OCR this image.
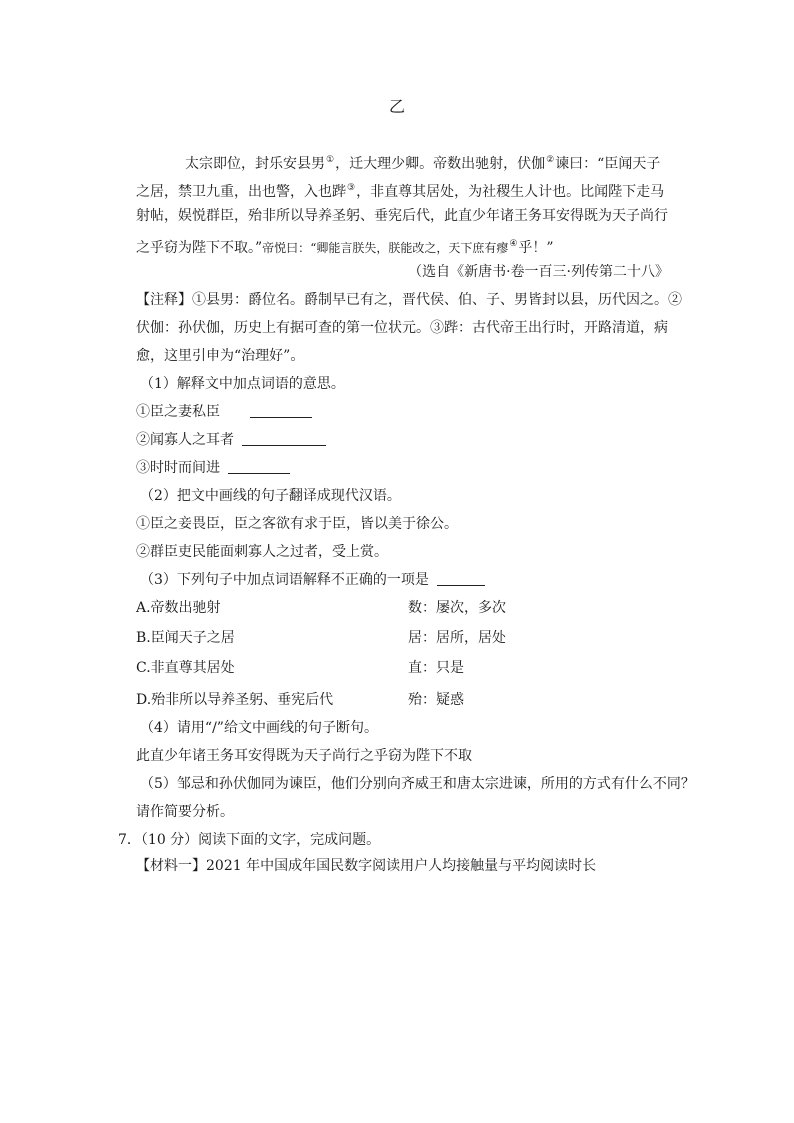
乙
太宗即位，封乐安县男①，迁大理少卿。帝数出驰射，伏伽②谏曰：“臣闻天子
之居，禁卫九重，出也警，入也跸③，非直尊其居处，为社稷生人计也。比闻陛下走马
射帖，娱悦群臣，殆非所以导养圣躬、垂宪后代，此直少年诸王务耳安得既为天子尚行
之乎窃为陛下不取。”帝悦曰：“卿能言朕失，朕能改之，天下庶有瘳④乎！”
（选自《新唐书·卷一百三·列传第二十八》
【注释】①县男：爵位名。爵制早已有之，晋代侯、伯、子、男皆封以县，历代因之。②
伏伽：孙伏伽，历史上有据可查的第一位状元。③跸：古代帝王出行时，开路清道，病
愈，这里引申为“治理好”。
（1）解释文中加点词语的意思。
①臣之妻私臣
②闻寡人之耳者
③时时而间进
（2）把文中画线的句子翻译成现代汉语。
①臣之妾畏臣，臣之客欲有求于臣，皆以美于徐公。
②群臣吏民能面刺寡人之过者，受上赏。
（3）下列句子中加点词语解释不正确的一项是
A.帝数出驰射	数：屡次，多次
B.臣闻天子之居	居：居所，居处
C.非直尊其居处	直：只是
D.殆非所以导养圣躬、垂宪后代	殆：疑惑
（4）请用“/”给文中画线的句子断句。
此直少年诸王务耳安得既为天子尚行之乎窃为陛下不取
（5）邹忌和孙伏伽同为谏臣，他们分别向齐威王和唐太宗进谏，所用的方式有什么不同？
请作简要分析。
7．（10 分）阅读下面的文字，完成问题。
【材料一】2021 年中国成年国民数字阅读用户人均接触量与平均阅读时长
